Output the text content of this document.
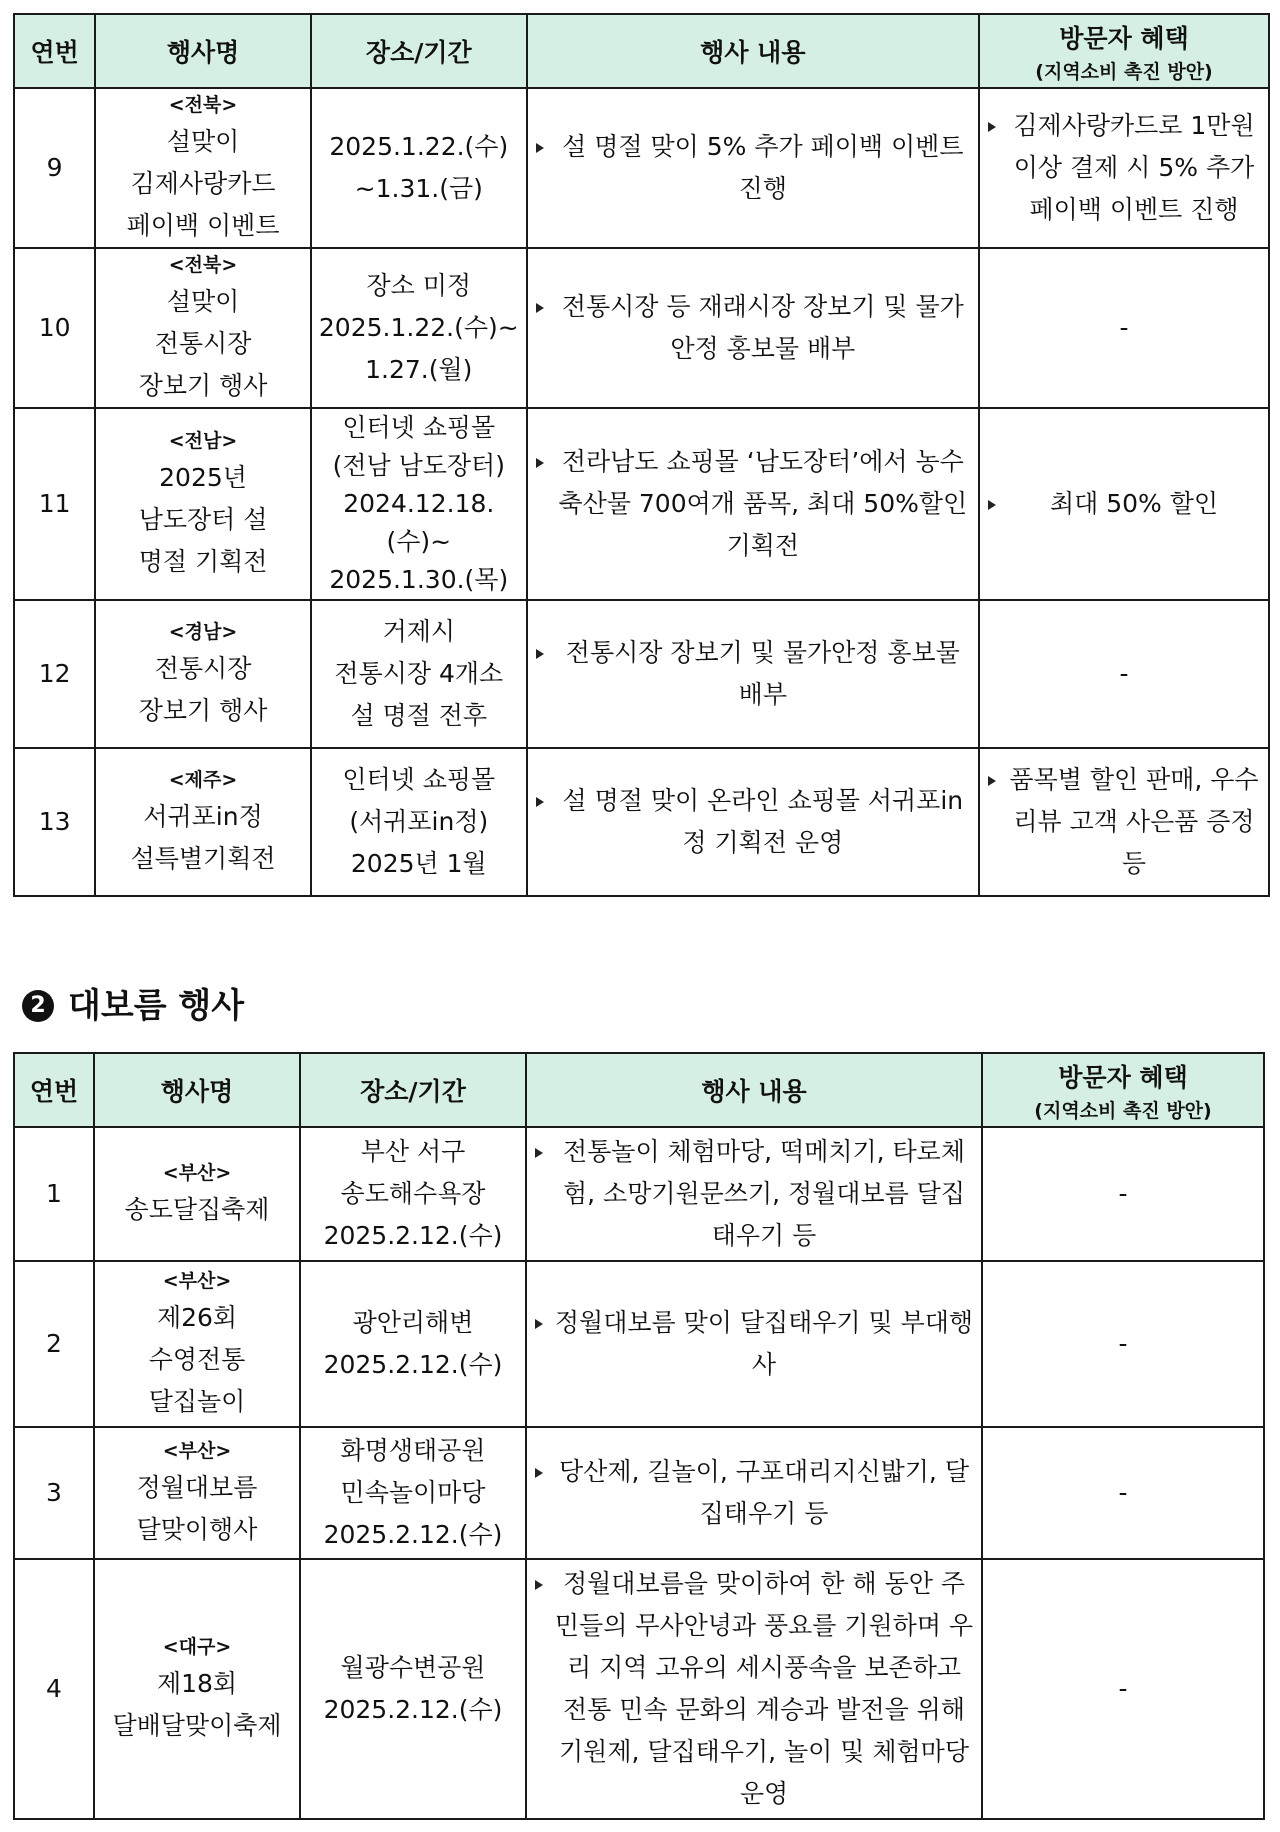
연번	행사명	장소/기간	행사 내용	방문자 혜택
(지역소비 촉진 방안)

9	<전북>
설맞이
김제사랑카드
페이백 이벤트	2025.1.22.(수)
~1.31.(금)	설 명절 맞이 5% 추가 페이백 이벤트 진행	김제사랑카드로 1만원 이상 결제 시 5% 추가 페이백 이벤트 진행

10	<전북>
설맞이
전통시장
장보기 행사	장소 미정
2025.1.22.(수)~
1.27.(월)	전통시장 등 재래시장 장보기 및 물가안정 홍보물 배부	-
11	<전남>
2025년
남도장터 설
명절 기획전	인터넷 쇼핑몰
(전남 남도장터)
2024.12.18.(수)~
2025.1.30.(목)	전라남도 쇼핑몰 ‘남도장터’에서 농수축산물 700여개 품목, 최대 50%할인 기획전	최대 50% 할인

12	<경남>
전통시장
장보기 행사	거제시
전통시장 4개소
설 명절 전후	전통시장 장보기 및 물가안정 홍보물 배부	-
13	<제주>
서귀포in정
설특별기획전	인터넷 쇼핑몰
(서귀포in정)
2025년 1월	설 명절 맞이 온라인 쇼핑몰 서귀포in정 기획전 운영	품목별 할인 판매, 우수 리뷰 고객 사은품 증정 등
2 대보름 행사
연번	행사명	장소/기간	행사 내용	방문자 혜택
(지역소비 촉진 방안)

1	<부산>
송도달집축제	부산 서구
송도해수욕장
2025.2.12.(수)	전통놀이 체험마당, 떡메치기, 타로체험, 소망기원문쓰기, 정월대보름 달집 태우기 등	-
2	<부산>
제26회
수영전통
달집놀이	광안리해변
2025.2.12.(수)	정월대보름 맞이 달집태우기 및 부대행사	-
3	<부산>
정월대보름
달맞이행사	화명생태공원
민속놀이마당
2025.2.12.(수)	당산제, 길놀이, 구포대리지신밟기, 달집태우기 등	-
4	<대구>
제18회
달배달맞이축제	월광수변공원
2025.2.12.(수)	정월대보름을 맞이하여 한 해 동안 주민들의 무사안녕과 풍요를 기원하며 우리 지역 고유의 세시풍속을 보존하고 전통 민속 문화의 계승과 발전을 위해 기원제, 달집태우기, 놀이 및 체험마당 운영	-
